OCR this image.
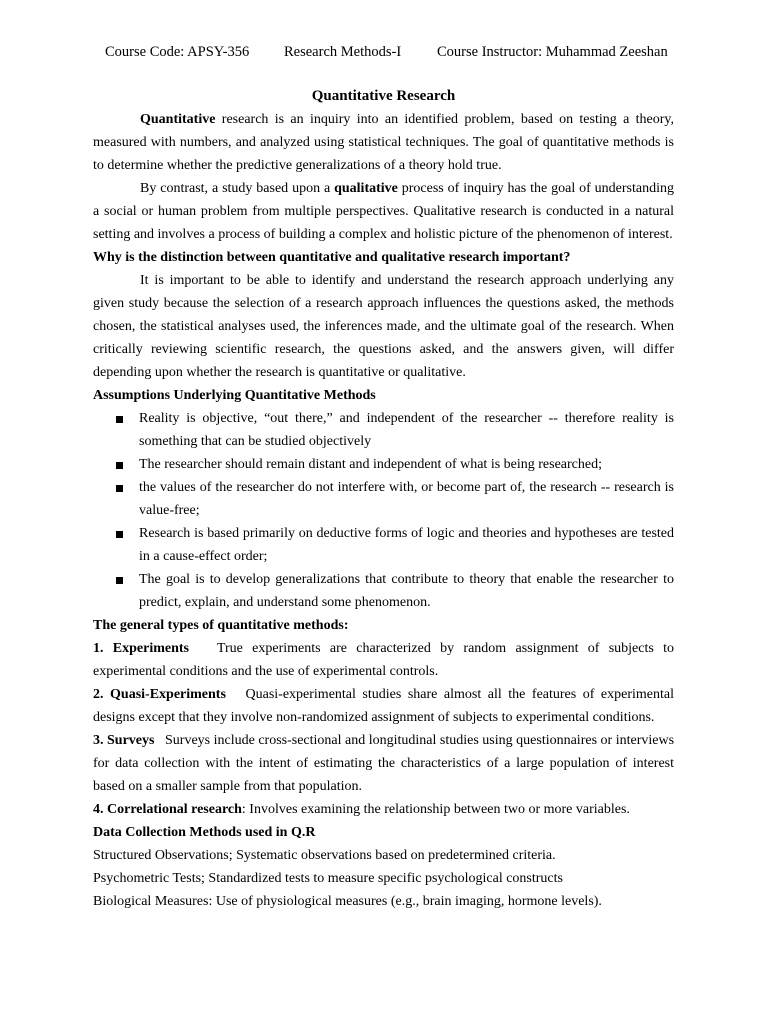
Course Code: APSY-356 Research Methods-I Course Instructor: Muhammad Zeeshan
Quantitative Research

Quantitative research is an inquiry into an identified problem, based on testing a theory, measured with numbers, and analyzed using statistical techniques. The goal of quantitative methods is to determine whether the predictive generalizations of a theory hold true.

By contrast, a study based upon a qualitative process of inquiry has the goal of understanding a social or human problem from multiple perspectives. Qualitative research is conducted in a natural setting and involves a process of building a complex and holistic picture of the phenomenon of interest.

Why is the distinction between quantitative and qualitative research important?

It is important to be able to identify and understand the research approach underlying any given study because the selection of a research approach influences the questions asked, the methods chosen, the statistical analyses used, the inferences made, and the ultimate goal of the research. When critically reviewing scientific research, the questions asked, and the answers given, will differ depending upon whether the research is quantitative or qualitative.

Assumptions Underlying Quantitative Methods
Reality is objective, “out there,” and independent of the researcher -- therefore reality is something that can be studied objectively
The researcher should remain distant and independent of what is being researched;
the values of the researcher do not interfere with, or become part of, the research -- research is value-free;
Research is based primarily on deductive forms of logic and theories and hypotheses are tested in a cause-effect order;
The goal is to develop generalizations that contribute to theory that enable the researcher to predict, explain, and understand some phenomenon.
The general types of quantitative methods:

1. Experiments True experiments are characterized by random assignment of subjects to experimental conditions and the use of experimental controls.

2. Quasi-Experiments Quasi-experimental studies share almost all the features of experimental designs except that they involve non-randomized assignment of subjects to experimental conditions.

3. Surveys Surveys include cross-sectional and longitudinal studies using questionnaires or interviews for data collection with the intent of estimating the characteristics of a large population of interest based on a smaller sample from that population.

4. Correlational research: Involves examining the relationship between two or more variables.

Data Collection Methods used in Q.R

Structured Observations; Systematic observations based on predetermined criteria.

Psychometric Tests; Standardized tests to measure specific psychological constructs

Biological Measures: Use of physiological measures (e.g., brain imaging, hormone levels).
